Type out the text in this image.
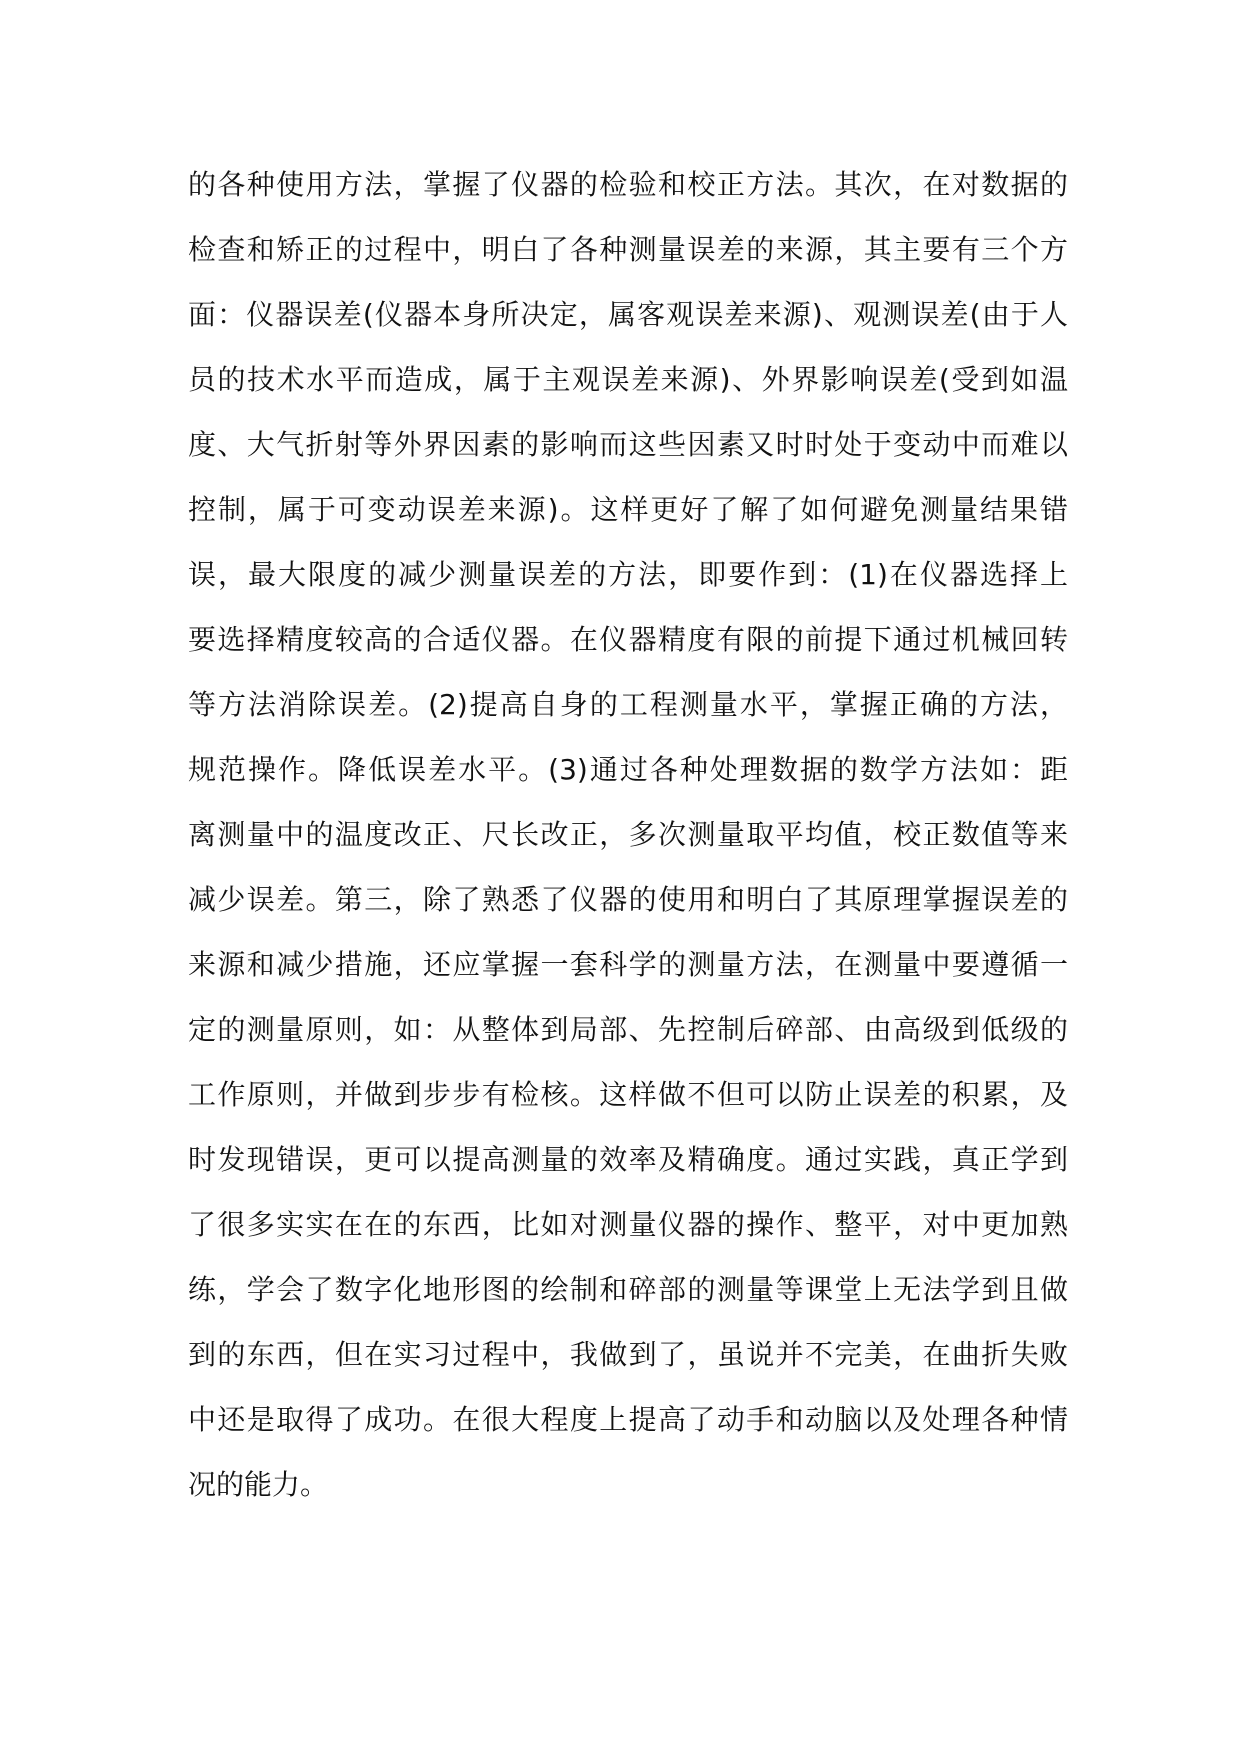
的各种使用方法，掌握了仪器的检验和校正方法。其次，在对数据的
检查和矫正的过程中，明白了各种测量误差的来源，其主要有三个方
面：仪器误差(仪器本身所决定，属客观误差来源)、观测误差(由于人
员的技术水平而造成，属于主观误差来源)、外界影响误差(受到如温
度、大气折射等外界因素的影响而这些因素又时时处于变动中而难以
控制，属于可变动误差来源)。这样更好了解了如何避免测量结果错
误，最大限度的减少测量误差的方法，即要作到：(1)在仪器选择上
要选择精度较高的合适仪器。在仪器精度有限的前提下通过机械回转
等方法消除误差。(2)提高自身的工程测量水平，掌握正确的方法，
规范操作。降低误差水平。(3)通过各种处理数据的数学方法如：距
离测量中的温度改正、尺长改正，多次测量取平均值，校正数值等来
减少误差。第三，除了熟悉了仪器的使用和明白了其原理掌握误差的
来源和减少措施，还应掌握一套科学的测量方法，在测量中要遵循一
定的测量原则，如：从整体到局部、先控制后碎部、由高级到低级的
工作原则，并做到步步有检核。这样做不但可以防止误差的积累，及
时发现错误，更可以提高测量的效率及精确度。通过实践，真正学到
了很多实实在在的东西，比如对测量仪器的操作、整平，对中更加熟
练，学会了数字化地形图的绘制和碎部的测量等课堂上无法学到且做
到的东西，但在实习过程中，我做到了，虽说并不完美，在曲折失败
中还是取得了成功。在很大程度上提高了动手和动脑以及处理各种情
况的能力。
